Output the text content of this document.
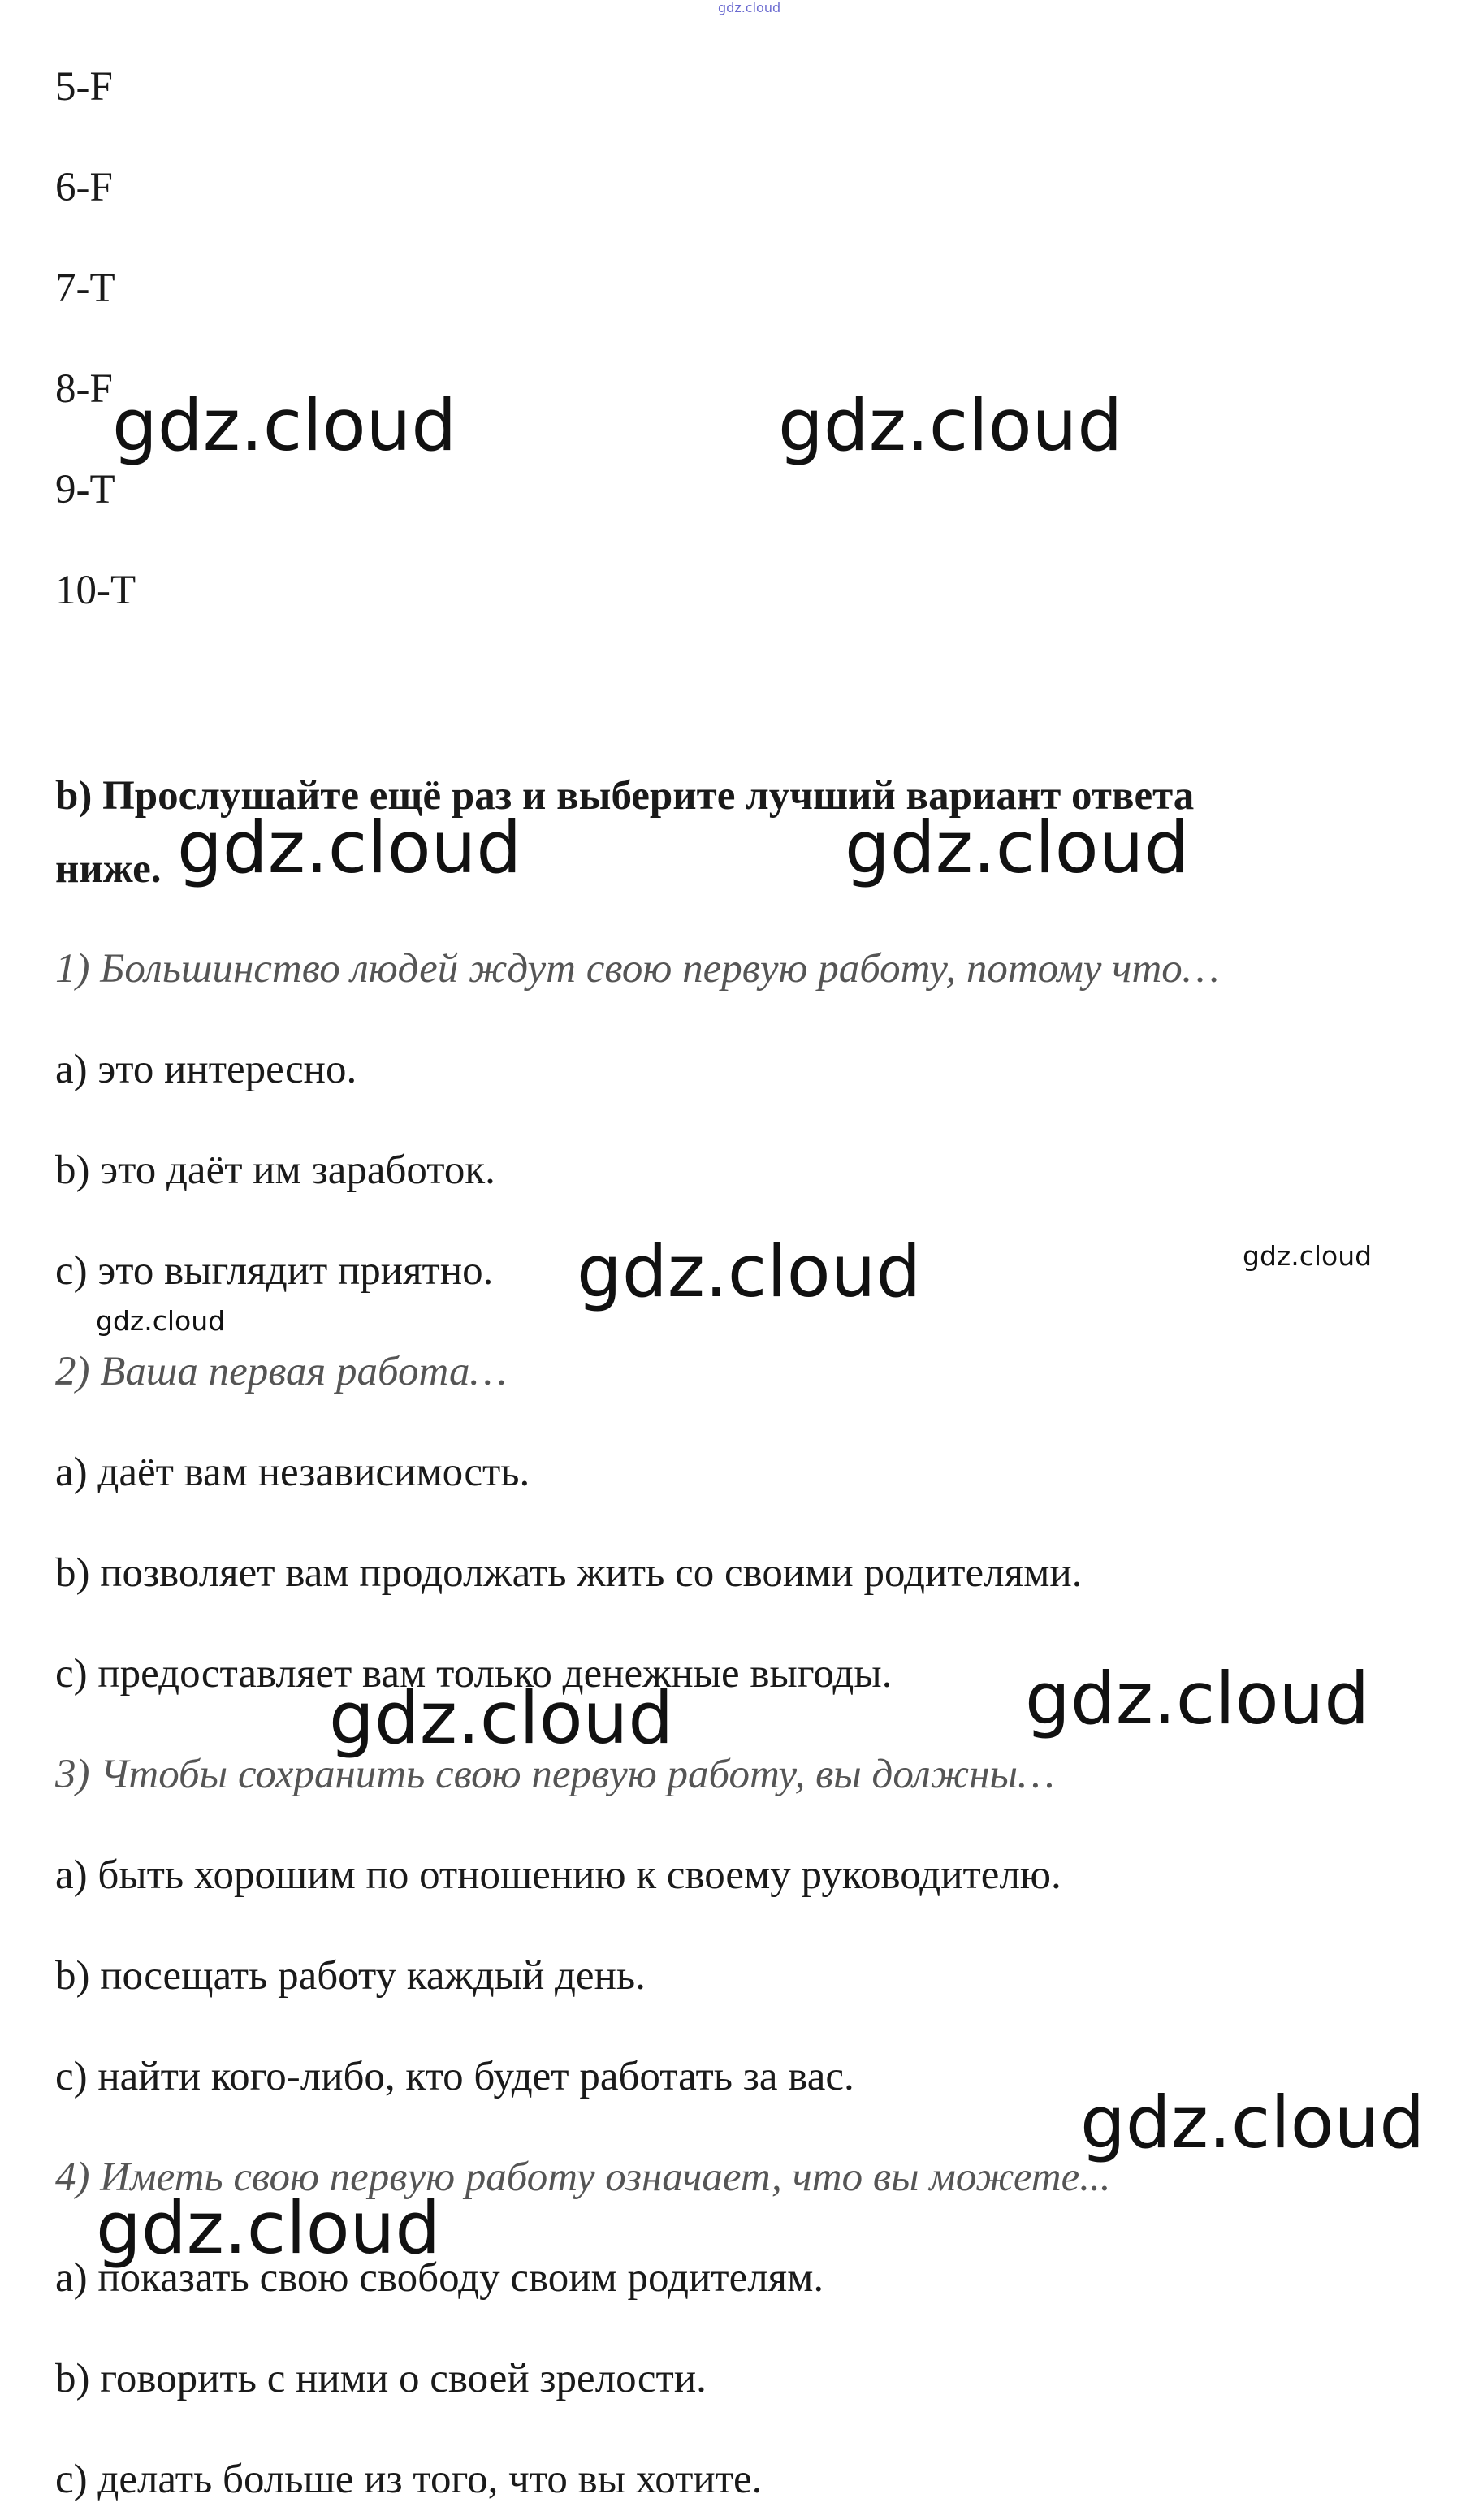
5-F
6-F
7-T
8-F
9-T
10-T
b) Прослушайте ещё раз и выберите лучший вариант ответа
ниже.
1) Большинство людей ждут свою первую работу, потому что…
a) это интересно.
b) это даёт им заработок.
c) это выглядит приятно.
2) Ваша первая работа…
a) даёт вам независимость.
b) позволяет вам продолжать жить со своими родителями.
c) предоставляет вам только денежные выгоды.
3) Чтобы сохранить свою первую работу, вы должны…
a) быть хорошим по отношению к своему руководителю.
b) посещать работу каждый день.
c) найти кого-либо, кто будет работать за вас.
4) Иметь свою первую работу означает, что вы можете...
a) показать свою свободу своим родителям.
b) говорить с ними о своей зрелости.
c) делать больше из того, что вы хотите.
gdz.cloud
gdz.cloud	gdz.cloud
gdz.cloud	gdz.cloud
gdz.cloud	gdz.cloud
gdz.cloud
gdz.cloud	gdz.cloud
gdz.cloud
gdz.cloud
